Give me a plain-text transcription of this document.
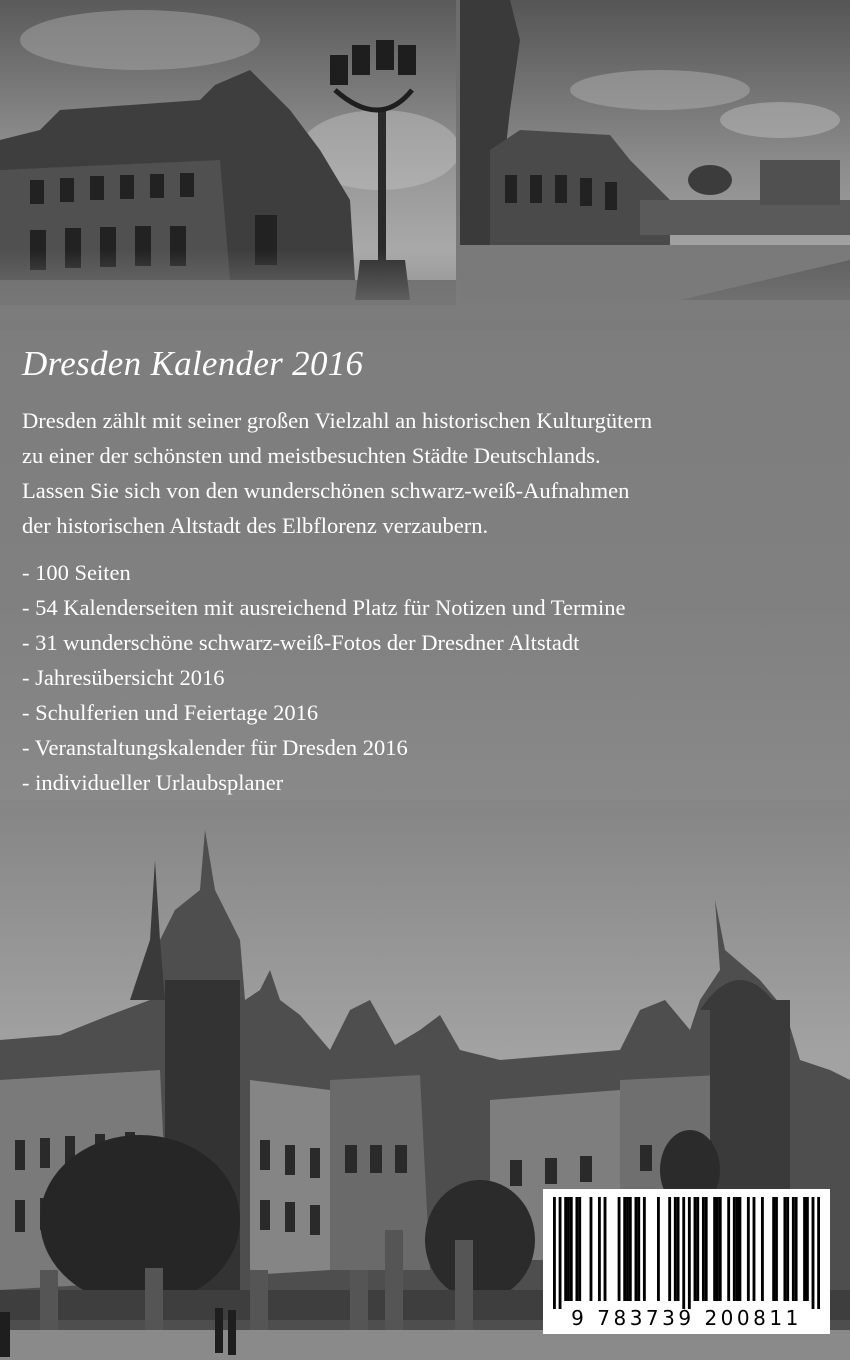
Dresden Kalender 2016

Dresden zählt mit seiner großen Vielzahl an historischen Kulturgütern
zu einer der schönsten und meistbesuchten Städte Deutschlands.
Lassen Sie sich von den wunderschönen schwarz-weiß-Aufnahmen
der historischen Altstadt des Elbflorenz verzaubern.

- 100 Seiten
- 54 Kalenderseiten mit ausreichend Platz für Notizen und Termine
- 31 wunderschöne schwarz-weiß-Fotos der Dresdner Altstadt
- Jahresübersicht 2016
- Schulferien und Feiertage 2016
- Veranstaltungskalender für Dresden 2016
- individueller Urlaubsplaner
9 783739 200811
